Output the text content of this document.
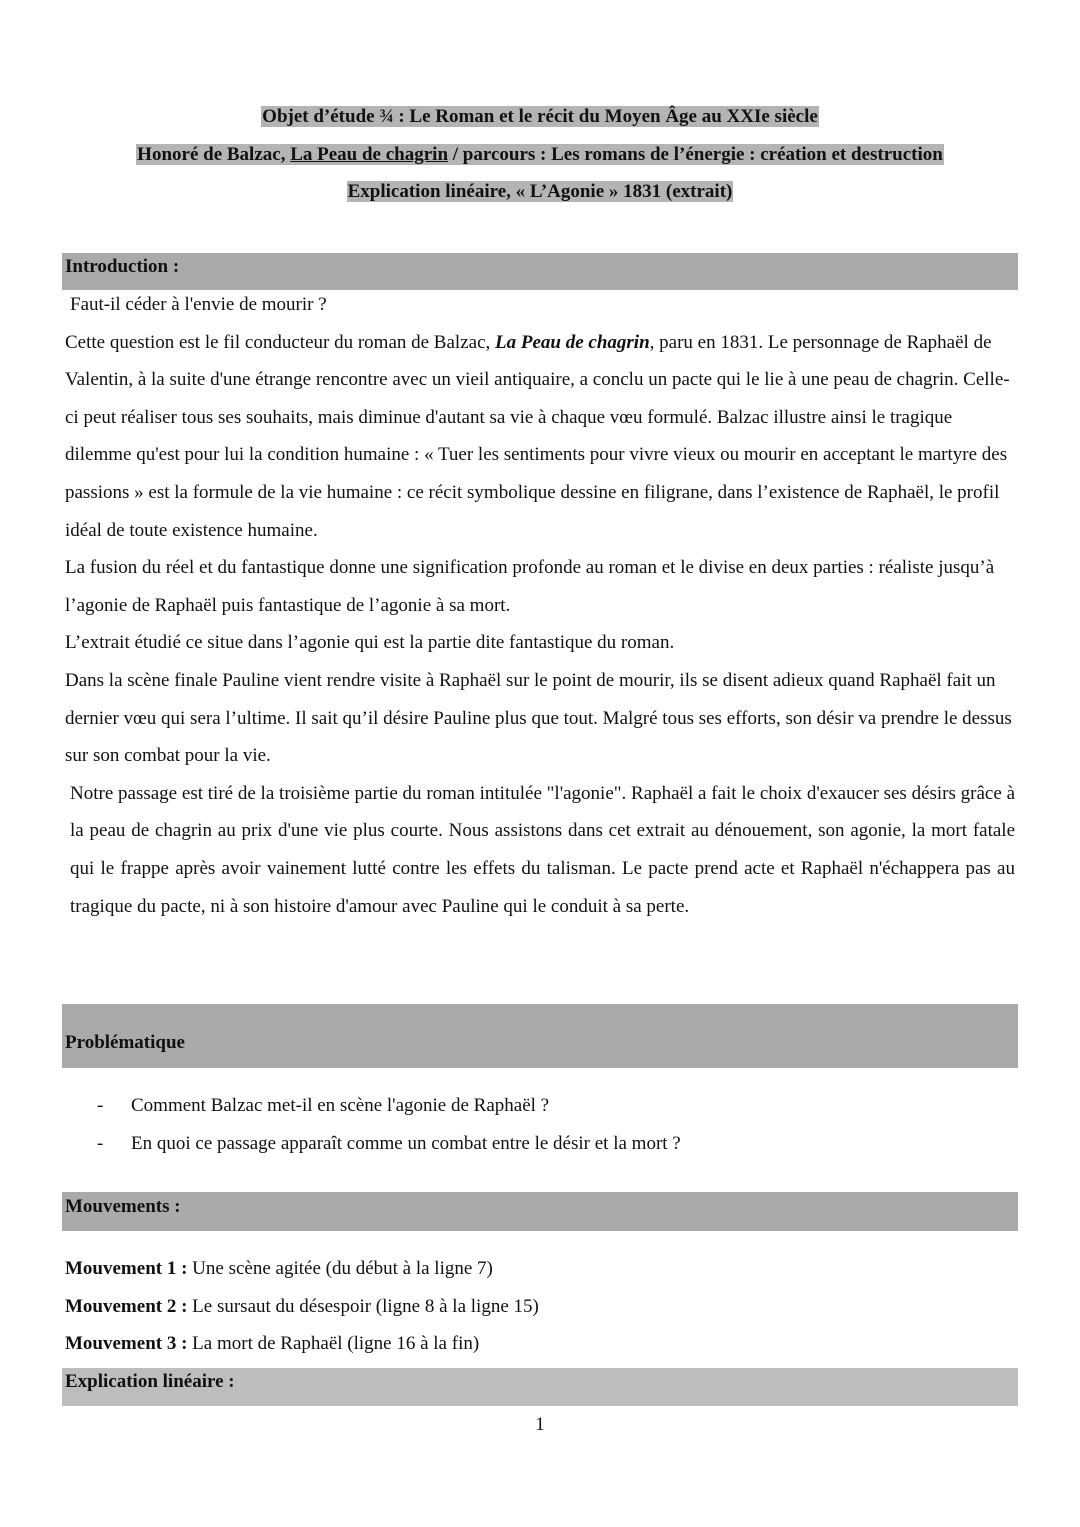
Objet d’étude ¾ : Le Roman et le récit du Moyen Âge au XXIe siècle
Honoré de Balzac, La Peau de chagrin / parcours : Les romans de l’énergie : création et destruction
Explication linéaire, « L’Agonie » 1831 (extrait)
Introduction :

Faut-il céder à l'envie de mourir ?

Cette question est le fil conducteur du roman de Balzac, La Peau de chagrin, paru en 1831. Le personnage de Raphaël de Valentin, à la suite d'une étrange rencontre avec un vieil antiquaire, a conclu un pacte qui le lie à une peau de chagrin. Celle-ci peut réaliser tous ses souhaits, mais diminue d'autant sa vie à chaque vœu formulé. Balzac illustre ainsi le tragique dilemme qu'est pour lui la condition humaine : « Tuer les sentiments pour vivre vieux ou mourir en acceptant le martyre des passions » est la formule de la vie humaine : ce récit symbolique dessine en filigrane, dans l’existence de Raphaël, le profil idéal de toute existence humaine.

La fusion du réel et du fantastique donne une signification profonde au roman et le divise en deux parties : réaliste jusqu’à l’agonie de Raphaël puis fantastique de l’agonie à sa mort.

L’extrait étudié ce situe dans l’agonie qui est la partie dite fantastique du roman.

Dans la scène finale Pauline vient rendre visite à Raphaël sur le point de mourir, ils se disent adieux quand Raphaël fait un dernier vœu qui sera l’ultime. Il sait qu’il désire Pauline plus que tout. Malgré tous ses efforts, son désir va prendre le dessus sur son combat pour la vie.

Notre passage est tiré de la troisième partie du roman intitulée "l'agonie". Raphaël a fait le choix d'exaucer ses désirs grâce à la peau de chagrin au prix d'une vie plus courte. Nous assistons dans cet extrait au dénouement, son agonie, la mort fatale qui le frappe après avoir vainement lutté contre les effets du talisman. Le pacte prend acte et Raphaël n'échappera pas au tragique du pacte, ni à son histoire d'amour avec Pauline qui le conduit à sa perte.

Problématique
-	Comment Balzac met-il en scène l'agonie de Raphaël ?
-	En quoi ce passage apparaît comme un combat entre le désir et la mort ?
Mouvements :
Mouvement 1 : Une scène agitée (du début à la ligne 7)
Mouvement 2 : Le sursaut du désespoir (ligne 8 à la ligne 15)
Mouvement 3 : La mort de Raphaël (ligne 16 à la fin)
Explication linéaire :
1
